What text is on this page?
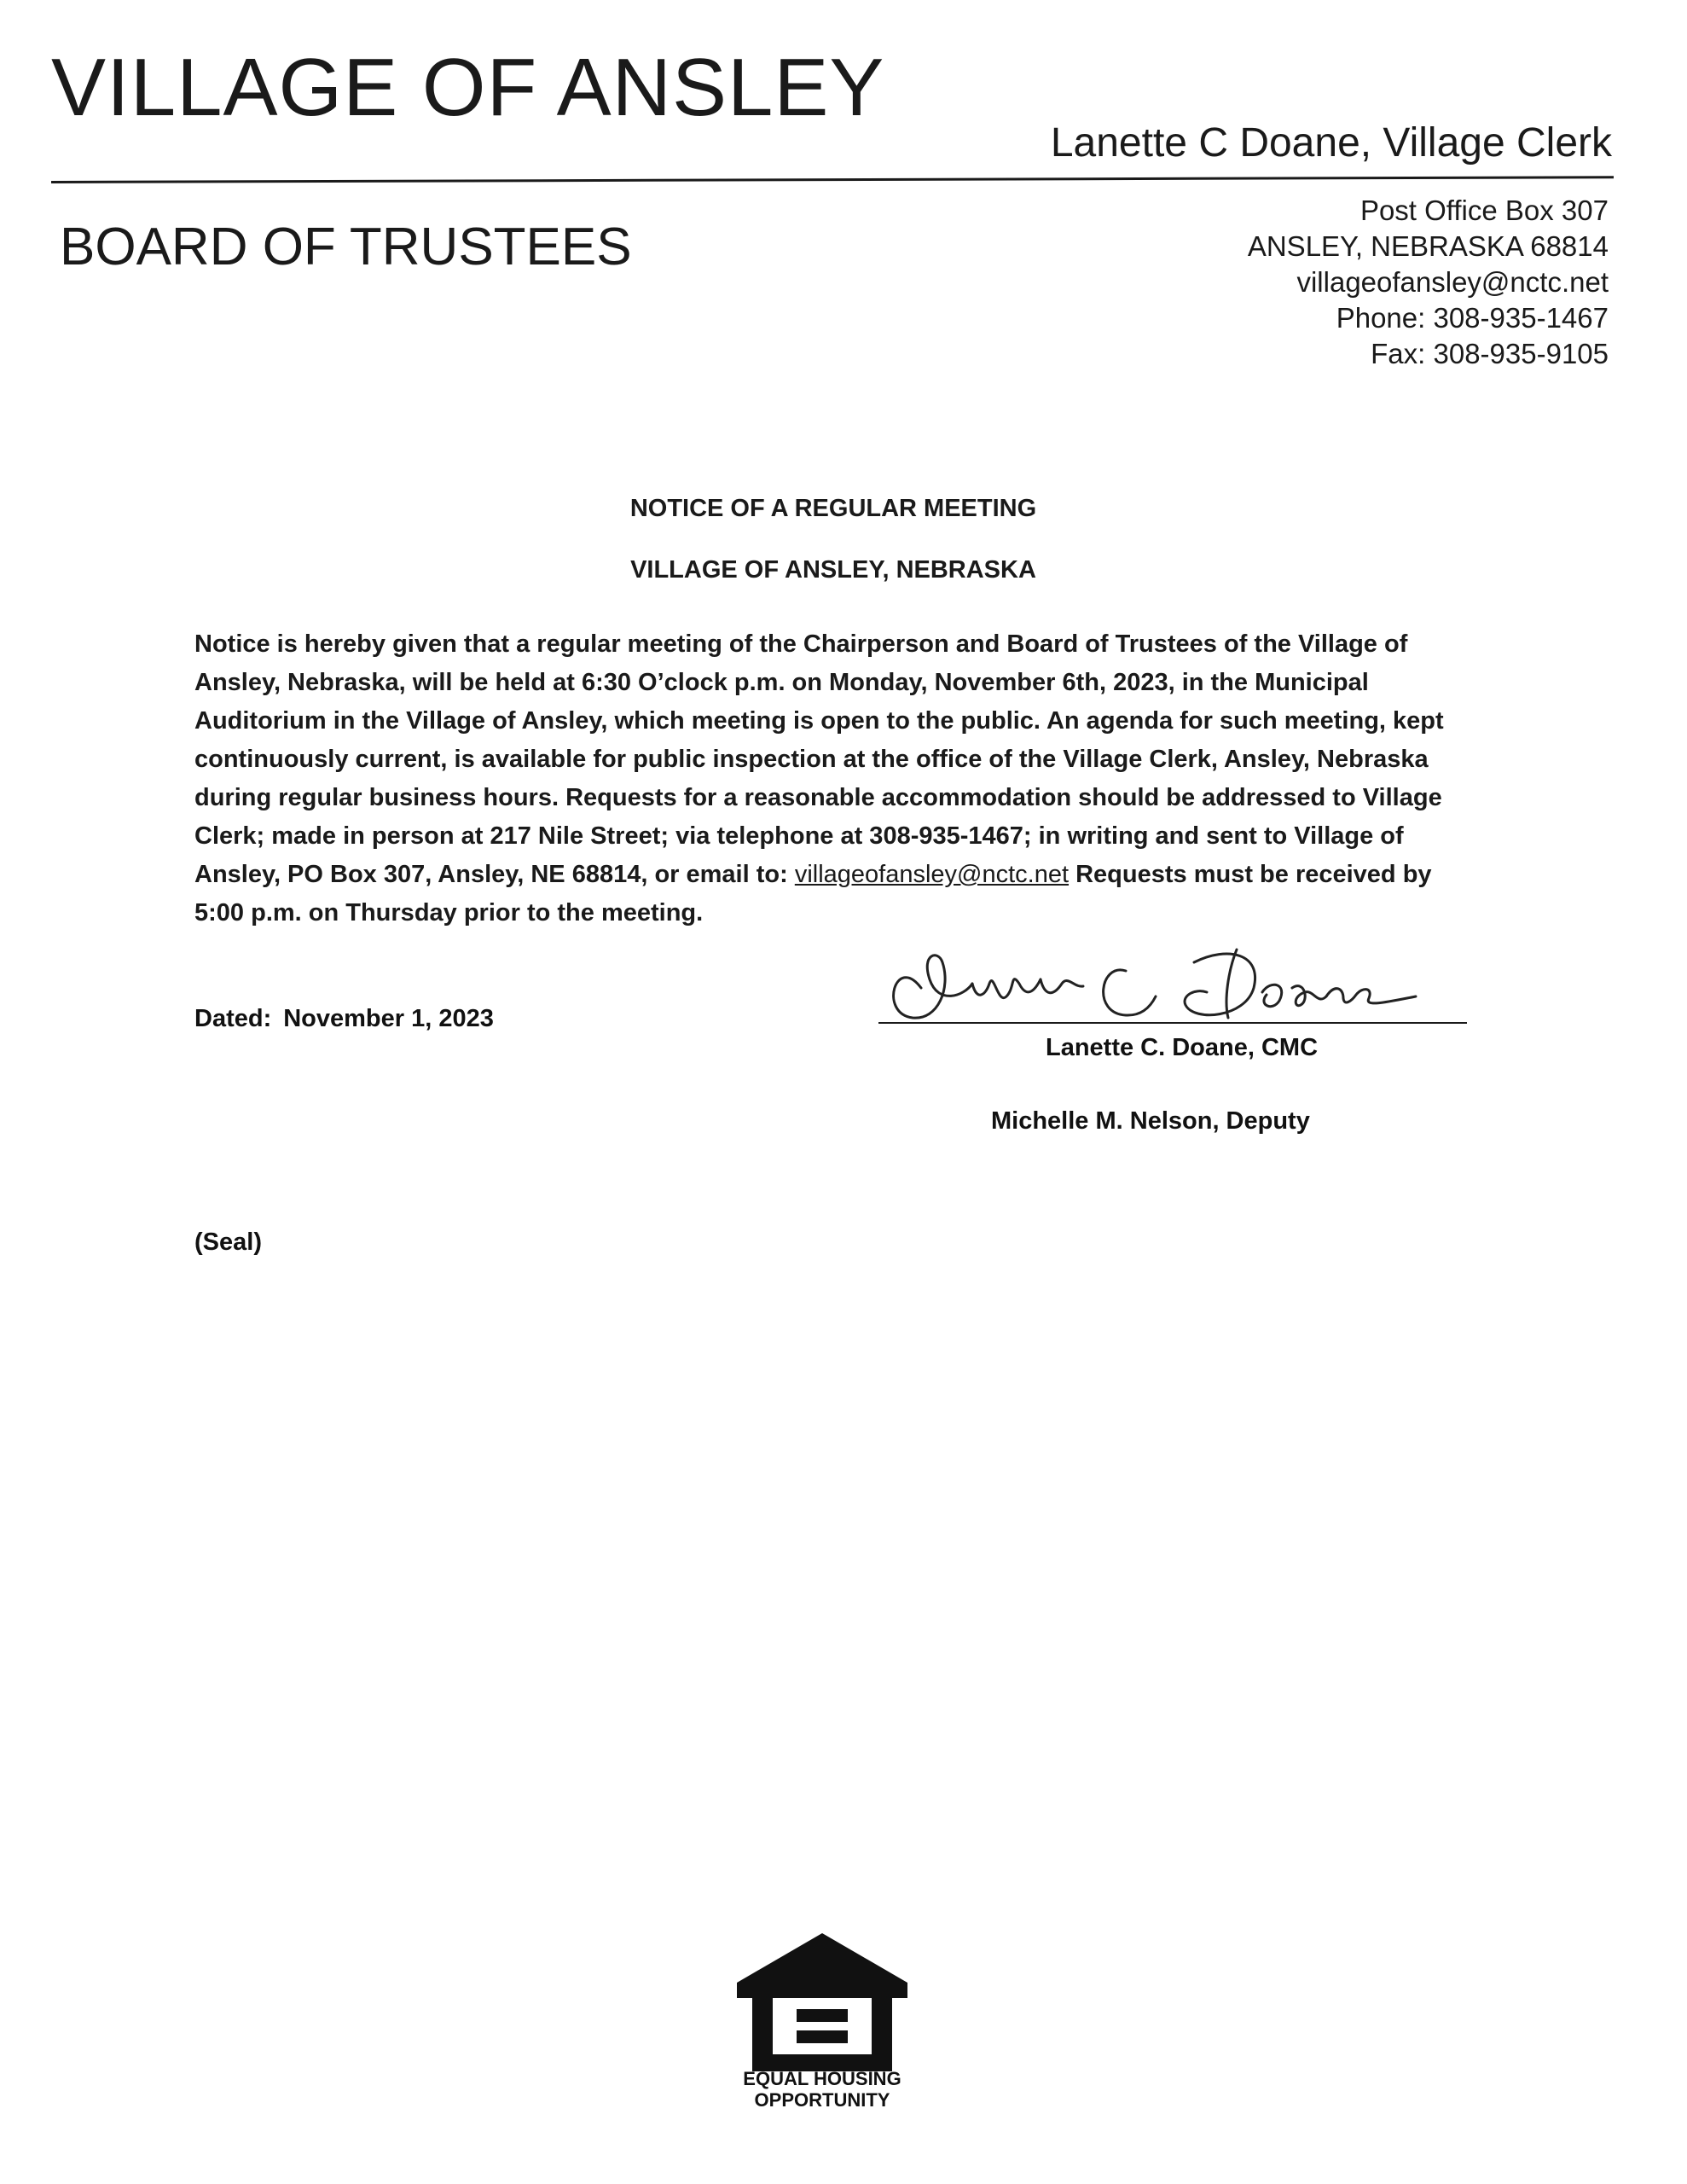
VILLAGE OF ANSLEY
Lanette C Doane, Village Clerk
BOARD OF TRUSTEES
Post Office Box 307
ANSLEY, NEBRASKA 68814
villageofansley@nctc.net
Phone: 308-935-1467
Fax: 308-935-9105
NOTICE OF A REGULAR MEETING
VILLAGE OF ANSLEY, NEBRASKA
Notice is hereby given that a regular meeting of the Chairperson and Board of Trustees of the Village of Ansley, Nebraska, will be held at 6:30 O’clock p.m. on Monday, November 6th, 2023, in the Municipal Auditorium in the Village of Ansley, which meeting is open to the public. An agenda for such meeting, kept continuously current, is available for public inspection at the office of the Village Clerk, Ansley, Nebraska during regular business hours. Requests for a reasonable accommodation should be addressed to Village Clerk; made in person at 217 Nile Street; via telephone at 308-935-1467; in writing and sent to Village of Ansley, PO Box 307, Ansley, NE 68814, or email to: villageofansley@nctc.net Requests must be received by 5:00 p.m. on Thursday prior to the meeting.
Dated: November 1, 2023
Lanette C. Doane, CMC
Michelle M. Nelson, Deputy
(Seal)
EQUAL HOUSING
OPPORTUNITY
